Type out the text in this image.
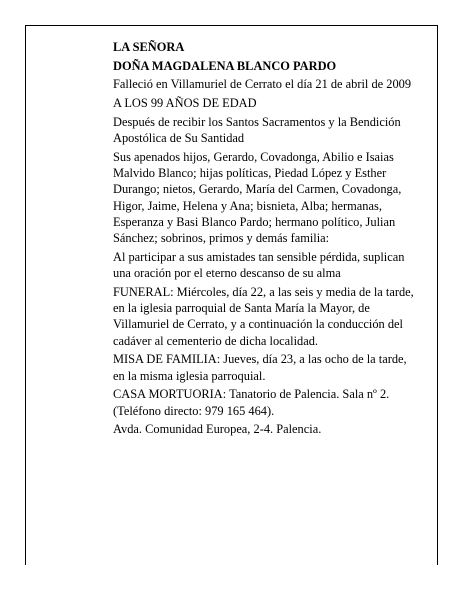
LA SEÑORA

DOÑA MAGDALENA BLANCO PARDO

Falleció en Villamuriel de Cerrato el día 21 de abril de 2009

A LOS 99 AÑOS DE EDAD

Después de recibir los Santos Sacramentos y la Bendición Apostólica de Su Santidad

Sus apenados hijos, Gerardo, Covadonga, Abilio e Isaias Malvido Blanco; hijas políticas, Piedad López y Esther Durango; nietos, Gerardo, María del Carmen, Covadonga, Higor, Jaime, Helena y Ana; bisnieta, Alba; hermanas, Esperanza y Basi Blanco Pardo; hermano político, Julian Sánchez; sobrinos, primos y demás familia:

Al participar a sus amistades tan sensible pérdida, suplican una oración por el eterno descanso de su alma

FUNERAL: Miércoles, día 22, a las seis y media de la tarde, en la iglesia parroquial de Santa María la Mayor, de Villamuriel de Cerrato, y a continuación la conducción del cadáver al cementerio de dicha localidad.

MISA DE FAMILIA: Jueves, día 23, a las ocho de la tarde, en la misma iglesia parroquial.

CASA MORTUORIA: Tanatorio de Palencia. Sala nº 2. (Teléfono directo: 979 165 464).

Avda. Comunidad Europea, 2-4. Palencia.
